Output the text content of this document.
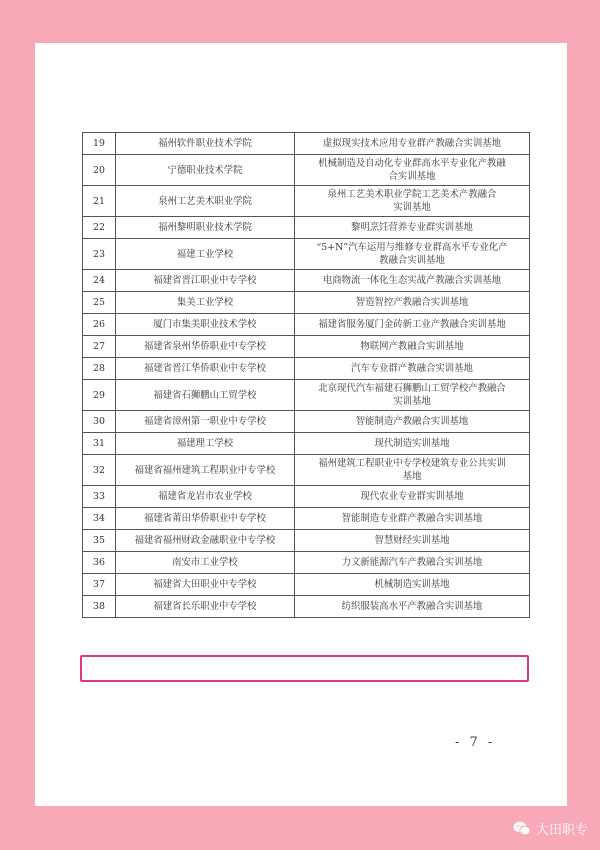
19	福州软件职业技术学院	虚拟现实技术应用专业群产教融合实训基地

20	宁德职业技术学院	机械制造及自动化专业群高水平专业化产教融
合实训基地

21	泉州工艺美术职业学院	泉州工艺美术职业学院工艺美术产教融合
实训基地

22	福州黎明职业技术学院	黎明烹饪营养专业群实训基地

23	福建工业学校	“5+N”汽车运用与维修专业群高水平专业化产
教融合实训基地

24	福建省晋江职业中专学校	电商物流一体化生态实战产教融合实训基地

25	集美工业学校	智造智控产教融合实训基地

26	厦门市集美职业技术学校	福建省服务厦门金砖新工业产教融合实训基地

27	福建省泉州华侨职业中专学校	物联网产教融合实训基地

28	福建省晋江华侨职业中专学校	汽车专业群产教融合实训基地

29	福建省石狮鹏山工贸学校	北京现代汽车福建石狮鹏山工贸学校产教融合
实训基地

30	福建省漳州第一职业中专学校	智能制造产教融合实训基地

31	福建理工学校	现代制造实训基地

32	福建省福州建筑工程职业中专学校	福州建筑工程职业中专学校建筑专业公共实训
基地

33	福建省龙岩市农业学校	现代农业专业群实训基地

34	福建省莆田华侨职业中专学校	智能制造专业群产教融合实训基地

35	福建省福州财政金融职业中专学校	智慧财经实训基地

36	南安市工业学校	力文新能源汽车产教融合实训基地

37	福建省大田职业中专学校	机械制造实训基地

38	福建省长乐职业中专学校	纺织服装高水平产教融合实训基地
- 7 -
大田职专
